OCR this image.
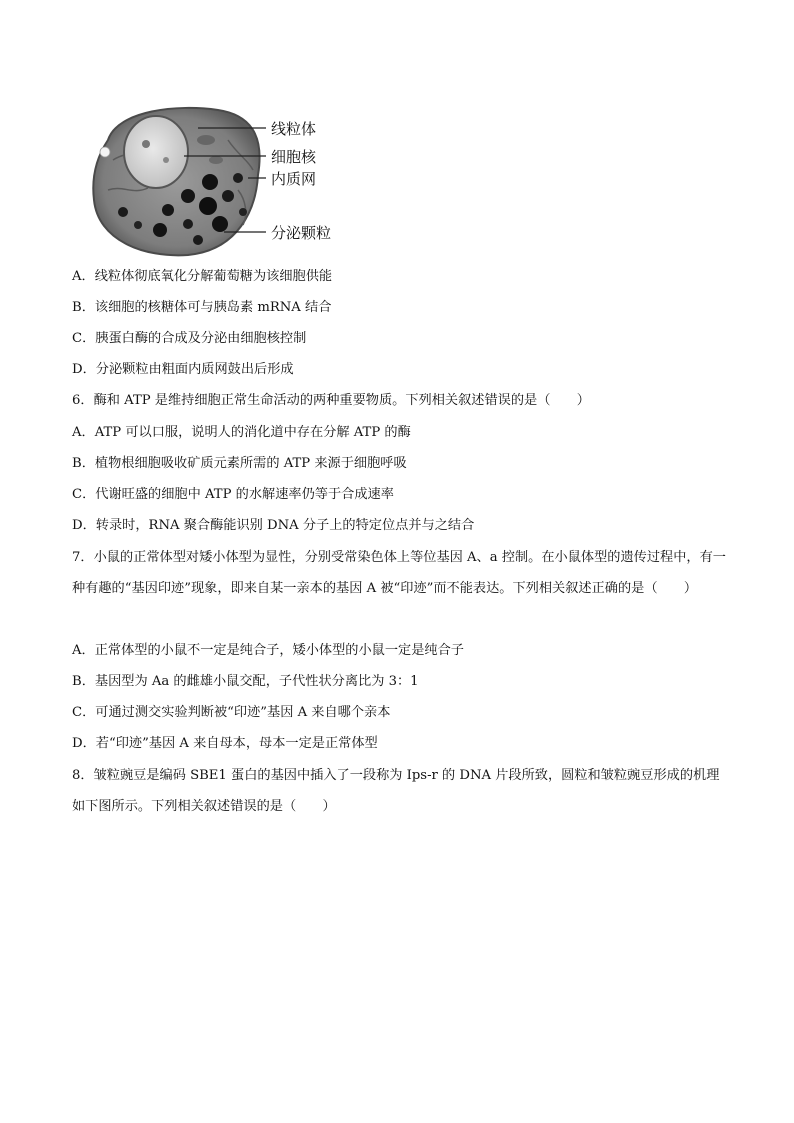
线粒体
细胞核
内质网
分泌颗粒
A．线粒体彻底氧化分解葡萄糖为该细胞供能
B．该细胞的核糖体可与胰岛素 mRNA 结合
C．胰蛋白酶的合成及分泌由细胞核控制
D．分泌颗粒由粗面内质网鼓出后形成
6．酶和 ATP 是维持细胞正常生命活动的两种重要物质。下列相关叙述错误的是（　　）
A．ATP 可以口服，说明人的消化道中存在分解 ATP 的酶
B．植物根细胞吸收矿质元素所需的 ATP 来源于细胞呼吸
C．代谢旺盛的细胞中 ATP 的水解速率仍等于合成速率
D．转录时，RNA 聚合酶能识别 DNA 分子上的特定位点并与之结合
7．小鼠的正常体型对矮小体型为显性，分别受常染色体上等位基因 A、a 控制。在小鼠体型的遗传过程中，有一种有趣的“基因印迹”现象，即来自某一亲本的基因 A 被“印迹”而不能表达。下列相关叙述正确的是（　　）
A．正常体型的小鼠不一定是纯合子，矮小体型的小鼠一定是纯合子
B．基因型为 Aa 的雌雄小鼠交配，子代性状分离比为 3：1
C．可通过测交实验判断被“印迹”基因 A 来自哪个亲本
D．若“印迹”基因 A 来自母本，母本一定是正常体型
8．皱粒豌豆是编码 SBE1 蛋白的基因中插入了一段称为 Ips-r 的 DNA 片段所致，圆粒和皱粒豌豆形成的机理如下图所示。下列相关叙述错误的是（　　）
